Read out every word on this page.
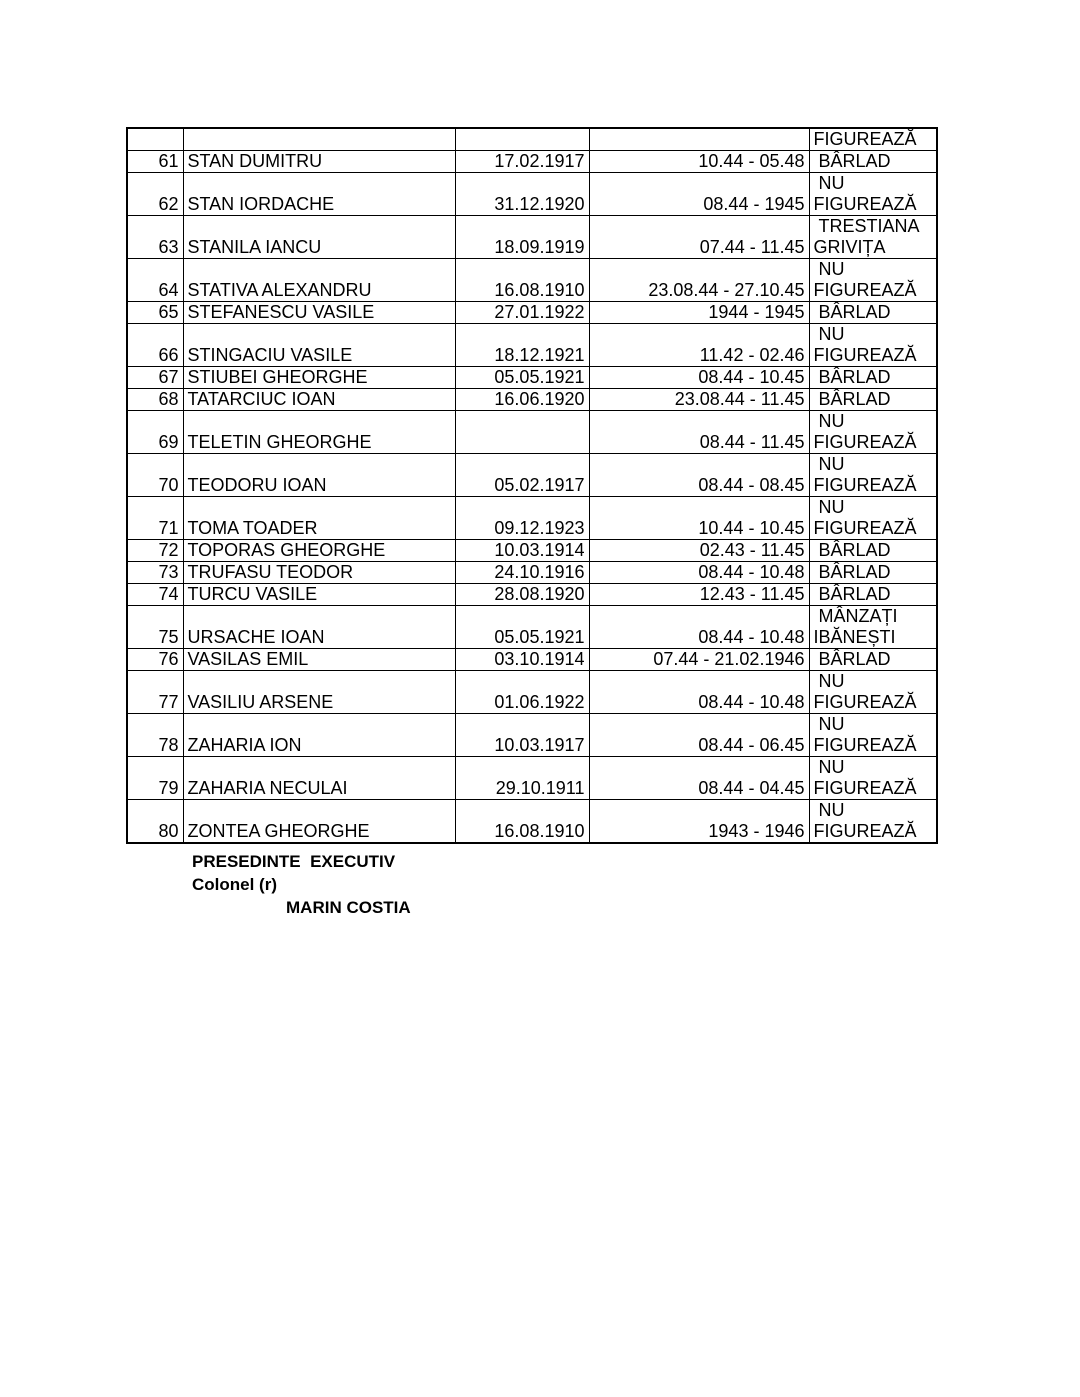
				FIGUREAZĂ

61	STAN DUMITRU	17.02.1917	10.44 - 05.48	BÂRLAD

62	STAN IORDACHE	31.12.1920	08.44 - 1945	NU
FIGUREAZĂ

63	STANILA IANCU	18.09.1919	07.44 - 11.45	TRESTIANA
GRIVIȚA

64	STATIVA ALEXANDRU	16.08.1910	23.08.44 - 27.10.45	NU
FIGUREAZĂ

65	STEFANESCU VASILE	27.01.1922	1944 - 1945	BÂRLAD

66	STINGACIU VASILE	18.12.1921	11.42 - 02.46	NU
FIGUREAZĂ

67	STIUBEI GHEORGHE	05.05.1921	08.44 - 10.45	BÂRLAD

68	TATARCIUC IOAN	16.06.1920	23.08.44 - 11.45	BÂRLAD

69	TELETIN GHEORGHE		08.44 - 11.45	NU
FIGUREAZĂ

70	TEODORU IOAN	05.02.1917	08.44 - 08.45	NU
FIGUREAZĂ

71	TOMA TOADER	09.12.1923	10.44 - 10.45	NU
FIGUREAZĂ

72	TOPORAS GHEORGHE	10.03.1914	02.43 - 11.45	BÂRLAD

73	TRUFASU TEODOR	24.10.1916	08.44 - 10.48	BÂRLAD

74	TURCU VASILE	28.08.1920	12.43 - 11.45	BÂRLAD

75	URSACHE IOAN	05.05.1921	08.44 - 10.48	MÂNZAȚI
IBĂNEȘTI

76	VASILAS EMIL	03.10.1914	07.44 - 21.02.1946	BÂRLAD

77	VASILIU ARSENE	01.06.1922	08.44 - 10.48	NU
FIGUREAZĂ

78	ZAHARIA ION	10.03.1917	08.44 - 06.45	NU
FIGUREAZĂ

79	ZAHARIA NECULAI	29.10.1911	08.44 - 04.45	NU
FIGUREAZĂ

80	ZONTEA GHEORGHE	16.08.1910	1943 - 1946	NU
FIGUREAZĂ
PRESEDINTE  EXECUTIV
Colonel (r)
MARIN COSTIA
